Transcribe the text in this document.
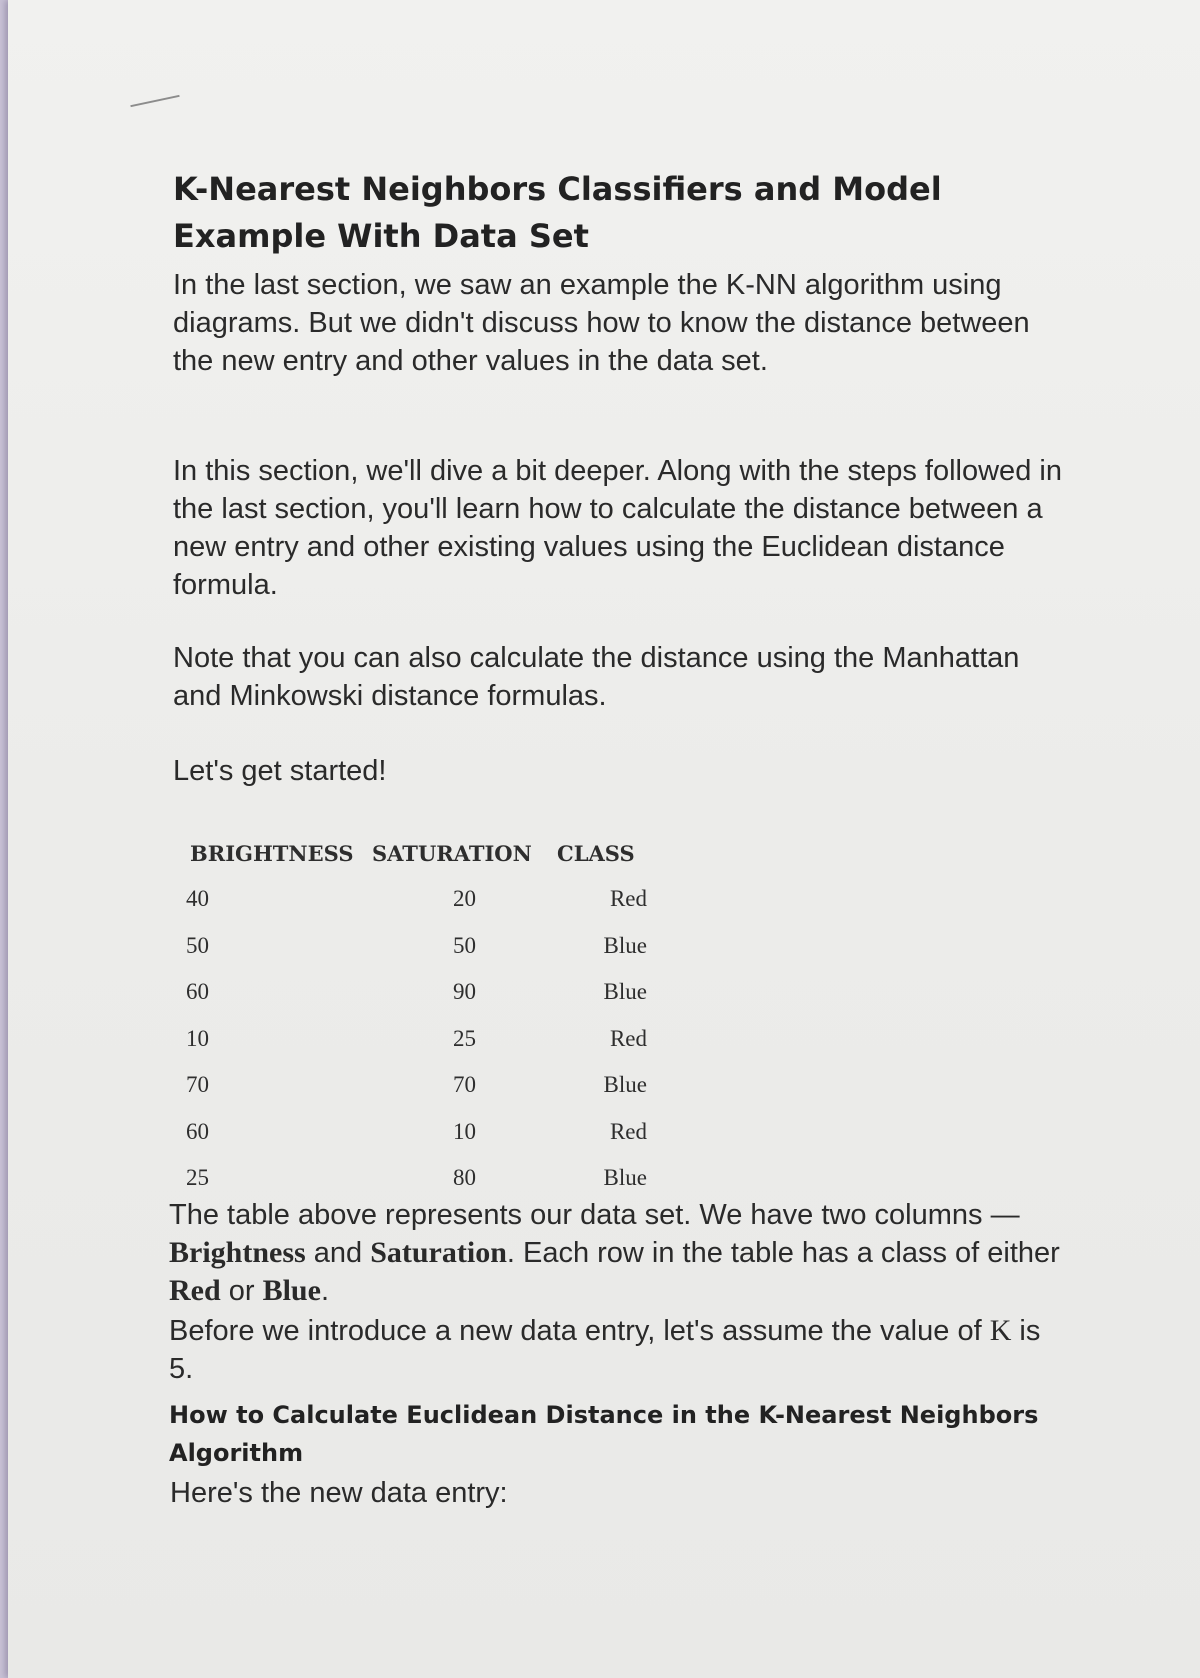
K-Nearest Neighbors Classifiers and Model Example With Data Set

In the last section, we saw an example the K-NN algorithm using diagrams. But we didn't discuss how to know the distance between the new entry and other values in the data set.

In this section, we'll dive a bit deeper. Along with the steps followed in the last section, you'll learn how to calculate the distance between a new entry and other existing values using the Euclidean distance formula.

Note that you can also calculate the distance using the Manhattan and Minkowski distance formulas.

Let's get started!

BRIGHTNESS	SATURATION	CLASS
40	20	Red
50	50	Blue
60	90	Blue
10	25	Red
70	70	Blue
60	10	Red
25	80	Blue

The table above represents our data set. We have two columns — Brightness and Saturation. Each row in the table has a class of either Red or Blue.

Before we introduce a new data entry, let's assume the value of K is 5.

How to Calculate Euclidean Distance in the K-Nearest Neighbors Algorithm

Here's the new data entry:
